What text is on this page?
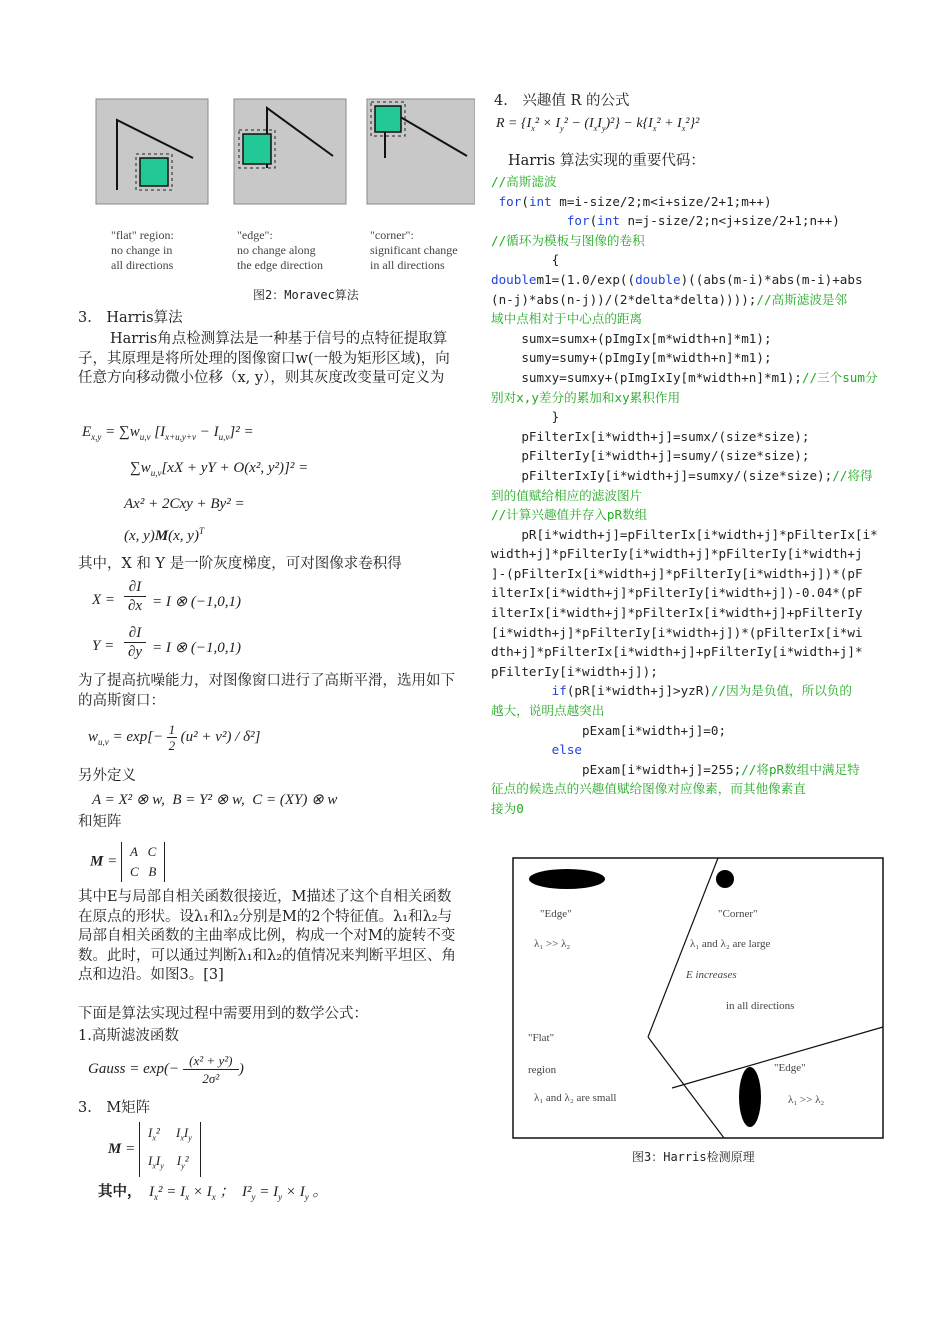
"flat" region:
no change in
all directions
"edge":
no change along
the edge direction
"corner":
significant change
in all directions
图2：Moravec算法
3.　Harris算法
Harris角点检测算法是一种基于信号的点特征提取算子，其原理是将所处理的图像窗口w(一般为矩形区域)，向任意方向移动微小位移（x, y），则其灰度改变量可定义为
$E_{x,y} = \sum w_{u,v}$ $[I_{x+u,y+v} - I_{u,v}]^2$ =
$\sum w_{u,v}[xX$ + yY + O(x², y²)]² =
Ax² + 2Cxy + By² =
(x, y)M(x, y)$^T$
其中，X 和 Y 是一阶灰度梯度，可对图像求卷积得
X =
∂I
∂x = I ⊗ (−1,0,1)
Y =
∂I
∂y = I ⊗ (−1,0,1)
为了提高抗噪能力，对图像窗口进行了高斯平滑，选用如下的高斯窗口：
$w_{u,v} = \exp[- 1$
2 (u² + v²) / δ²]
另外定义
A = X² ⊗ w,  B = Y² ⊗ w,  C = (XY) ⊗ w
和矩阵
M = A   C
C   B
其中E与局部自相关函数很接近，M描述了这个自相关函数在原点的形状。设λ₁和λ₂分别是M的2个特征值。λ₁和λ₂与局部自相关函数的主曲率成比例，构成一个对M的旋转不变数。此时，可以通过判断λ₁和λ₂的值情况来判断平坦区、角点和边沿。如图3。[3]
下面是算法实现过程中需要用到的数学公式：
1.高斯滤波函数
Gauss = exp(− (x² + y²)
2σ²)
3.　M矩阵
$M = I_x^2$     $I_xI_y$
$I_xI_y$    $I_y^2$
其中，  $I_x^2 = I_x \times I_x$ ；  $I^2_y = I_y \times I_y$ 。
4.　兴趣值 R 的公式
$R = \{I_x^2 \times I_y^2 - (I_xI_y)^2\} - k\{I_x^2 + I_x^2\}^2$
Harris 算法实现的重要代码：
//高斯滤波
for(int m=i-size/2;m<i+size/2+1;m++)
for(int n=j-size/2;n<j+size/2+1;n++)
//循环为模板与图像的卷积
{
doublem1=(1.0/exp((double)((abs(m-i)*abs(m-i)+abs
(n-j)*abs(n-j))/(2*delta*delta))));//高斯滤波是邻
域中点相对于中心点的距离
sumx=sumx+(pImgIx[m*width+n]*m1);
sumy=sumy+(pImgIy[m*width+n]*m1);
sumxy=sumxy+(pImgIxIy[m*width+n]*m1);//三个sum分
别对x,y差分的累加和xy累积作用
}
pFilterIx[i*width+j]=sumx/(size*size);
pFilterIy[i*width+j]=sumy/(size*size);
pFilterIxIy[i*width+j]=sumxy/(size*size);//将得
到的值赋给相应的滤波图片
//计算兴趣值并存入pR数组
pR[i*width+j]=pFilterIx[i*width+j]*pFilterIx[i*
width+j]*pFilterIy[i*width+j]*pFilterIy[i*width+j
]-(pFilterIx[i*width+j]*pFilterIy[i*width+j])*(pF
ilterIx[i*width+j]*pFilterIy[i*width+j])-0.04*(pF
ilterIx[i*width+j]*pFilterIx[i*width+j]+pFilterIy
[i*width+j]*pFilterIy[i*width+j])*(pFilterIx[i*wi
dth+j]*pFilterIx[i*width+j]+pFilterIy[i*width+j]*
pFilterIy[i*width+j]);
if(pR[i*width+j]>yzR)//因为是负值，所以负的
越大，说明点越突出
pExam[i*width+j]=0;
else
pExam[i*width+j]=255;//将pR数组中满足特
征点的候选点的兴趣值赋给图像对应像素，而其他像素直
接为0
"Edge"
λ₁ >> λ₂
"Corner"
λ₁ and λ₂ are large
E increases
in all directions
"Flat"
region
λ₁ and λ₂ are small
"Edge"
λ₁ >> λ₂
图3：Harris检测原理
